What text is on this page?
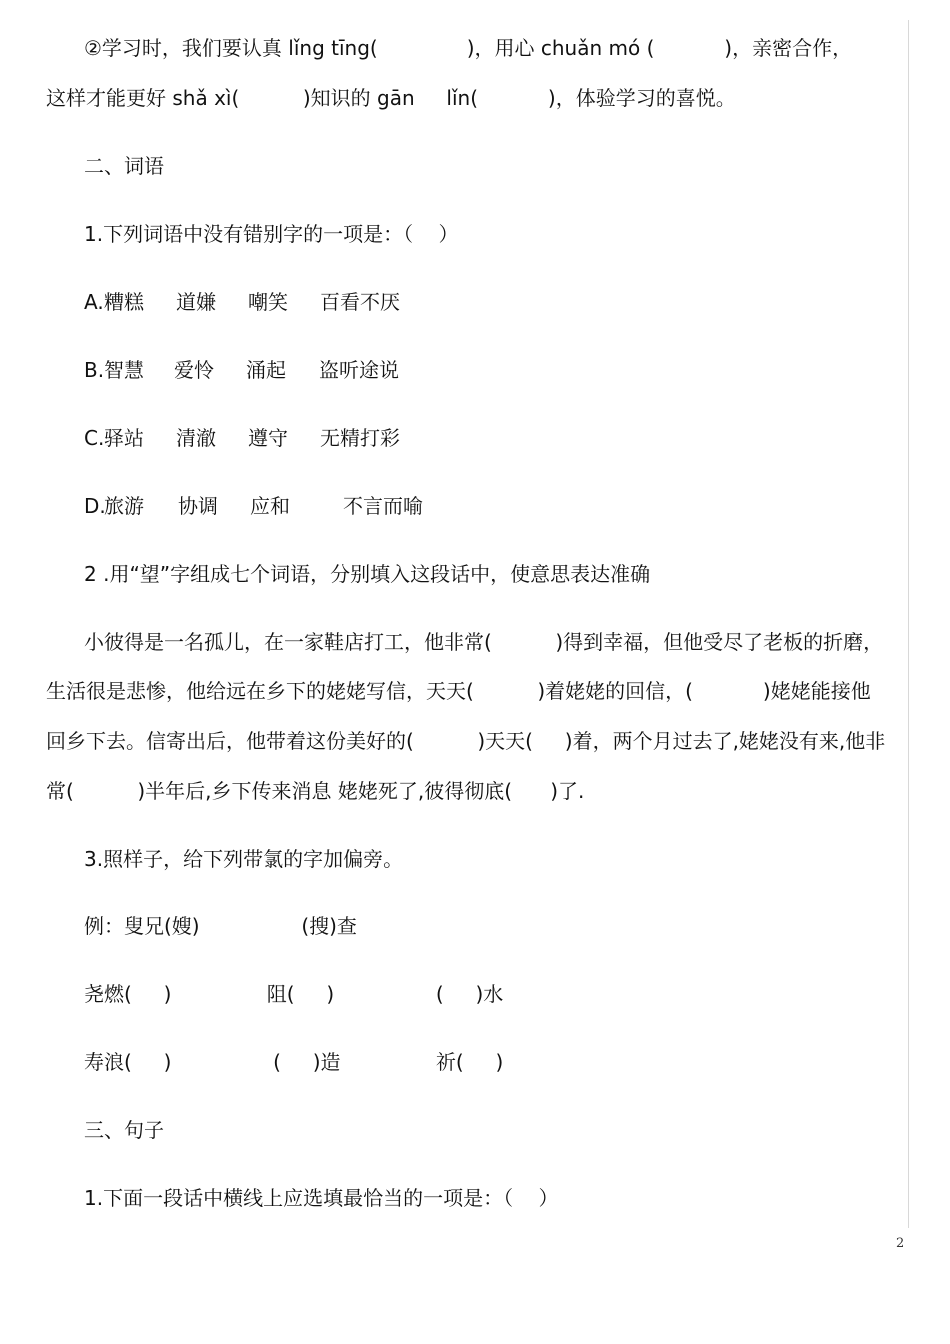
②学习时，我们要认真 lǐng tīng(              )，用心 chuǎn mó (           )，亲密合作，
这样才能更好 shǎ xì(          )知识的 gān     lǐn(           )，体验学习的喜悦。
二、词语
1.下列词语中没有错别字的一项是：（    ）

A.

糟糕

道嫌

嘲笑

百看不厌

B.

智慧

爱怜

涌起

盗听途说

C.

驿站

清澈

遵守

无精打彩

D.

旅游

协调

应和

	不言而喻

2 .用“望”字组成七个词语，分别填入这段话中，使意思表达准确
小彼得是一名孤儿，在一家鞋店打工，他非常(          )得到幸福，但他受尽了老板的折磨，
生活很是悲惨，他给远在乡下的姥姥写信，天天(          )着姥姥的回信，(           )姥姥能接他
回乡下去。信寄出后，他带着这份美好的(          )天天(     )着，两个月过去了,姥姥没有来,他非
常(          )半年后,乡下传来消息 姥姥死了,彼得彻底(      )了.
3.照样子，给下列带氯的字加偏旁。
例：叟兄(嫂)                (搜)查
尧燃(     )               阻(     )                (     )水
寿浪(     )                (     )造               祈(     )
三、句子
1.下面一段话中横线上应选填最恰当的一项是：（    ）
2
